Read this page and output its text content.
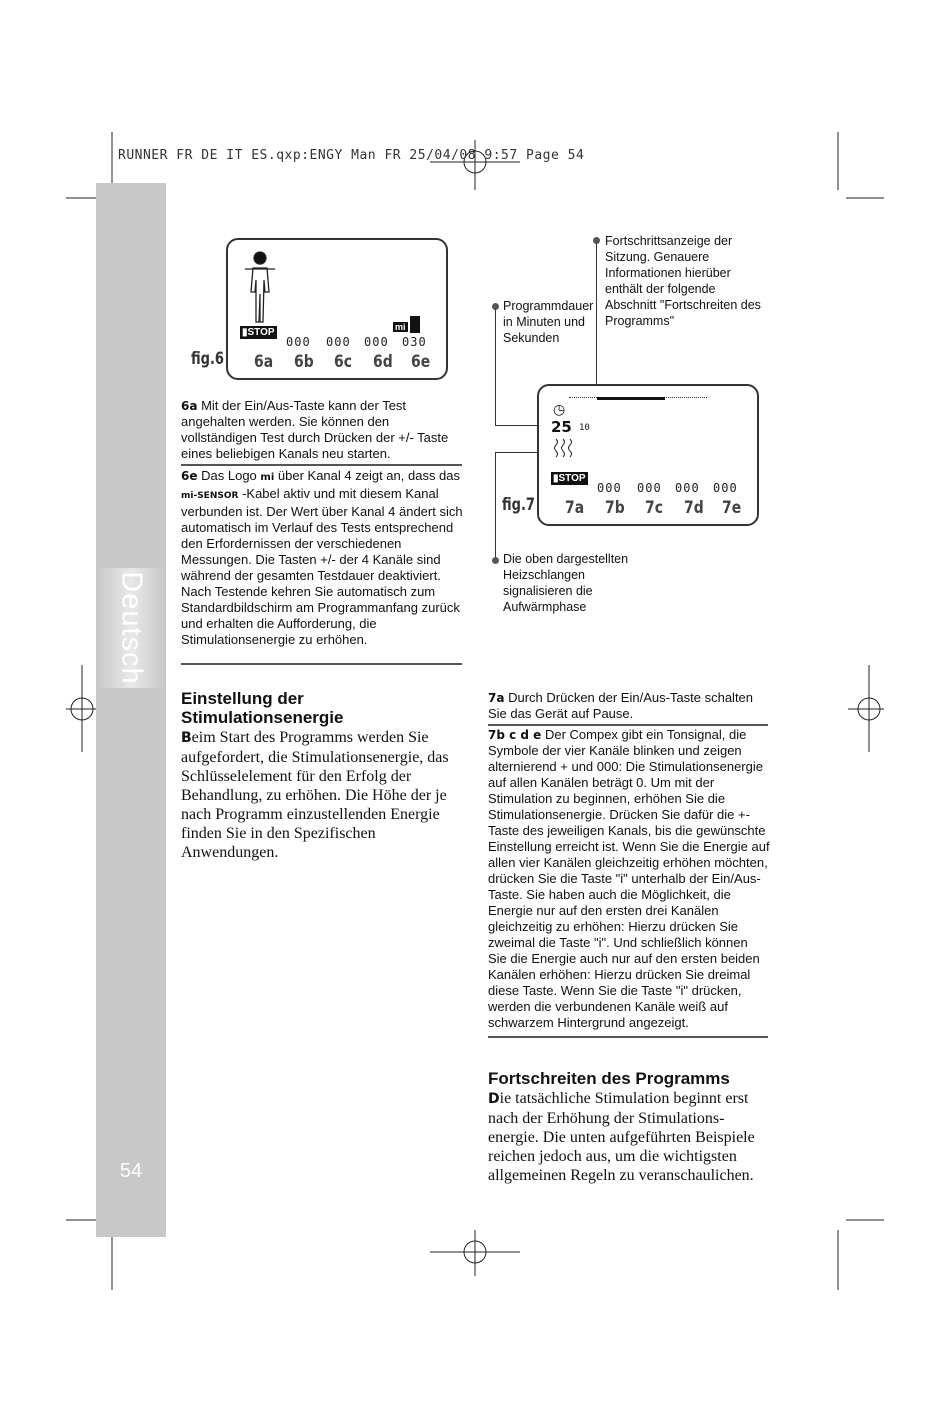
RUNNER FR DE IT ES.qxp:ENGY Man FR 25/04/08 9:57 Page 54
Deutsch
54
▮STOP
000 000 000 030
mi
6a 6b 6c 6d 6e
fig.6
6a Mit der Ein/Aus-Taste kann der Test angehalten werden. Sie können den vollständigen Test durch Drücken der +/- Taste eines beliebigen Kanals neu starten.
6e Das Logo mi über Kanal 4 zeigt an, dass das mi-SENSOR -Kabel aktiv und mit diesem Kanal verbunden ist. Der Wert über Kanal 4 ändert sich automatisch im Verlauf des Tests entsprechend den Erfordernissen der verschiedenen Messungen. Die Tasten +/- der 4 Kanäle sind während der gesamten Testdauer deaktiviert.
Nach Testende kehren Sie automatisch zum Standardbildschirm am Programmanfang zurück und erhalten die Aufforderung, die Stimulationsenergie zu erhöhen.
Einstellung der
Stimulationsenergie
Beim Start des Programms werden Sie aufgefordert, die Stimulationsenergie, das Schlüsselelement für den Erfolg der Behandlung, zu erhöhen. Die Höhe der je nach Programm einzustellenden Energie finden Sie in den Spezifischen Anwendungen.
Fortschrittsanzeige der Sitzung. Genauere Informationen hierüber enthält der folgende Abschnitt "Fortschreiten des Programms"
Programmdauer in Minuten und Sekunden
Die oben dargestellten Heizschlangen signalisieren die Aufwärmphase
◷
25 10
▮STOP
000 000 000 000
7a 7b 7c 7d 7e
fig.7
7a Durch Drücken der Ein/Aus-Taste schalten Sie das Gerät auf Pause.
7b c d e Der Compex gibt ein Tonsignal, die Symbole der vier Kanäle blinken und zeigen alternierend + und 000: Die Stimulationsenergie auf allen Kanälen beträgt 0. Um mit der Stimulation zu beginnen, erhöhen Sie die Stimulationsenergie. Drücken Sie dafür die +-Taste des jeweiligen Kanals, bis die gewünschte Einstellung erreicht ist. Wenn Sie die Energie auf allen vier Kanälen gleichzeitig erhöhen möchten, drücken Sie die Taste "i" unterhalb der Ein/Aus-Taste. Sie haben auch die Möglichkeit, die Energie nur auf den ersten drei Kanälen gleichzeitig zu erhöhen: Hierzu drücken Sie zweimal die Taste "i". Und schließlich können Sie die Energie auch nur auf den ersten beiden Kanälen erhöhen: Hierzu drücken Sie dreimal diese Taste. Wenn Sie die Taste "i" drücken, werden die verbundenen Kanäle weiß auf schwarzem Hintergrund angezeigt.
Fortschreiten des Programms
Die tatsächliche Stimulation beginnt erst nach der Erhöhung der Stimulations-energie. Die unten aufgeführten Beispiele reichen jedoch aus, um die wichtigsten allgemeinen Regeln zu veranschaulichen.
